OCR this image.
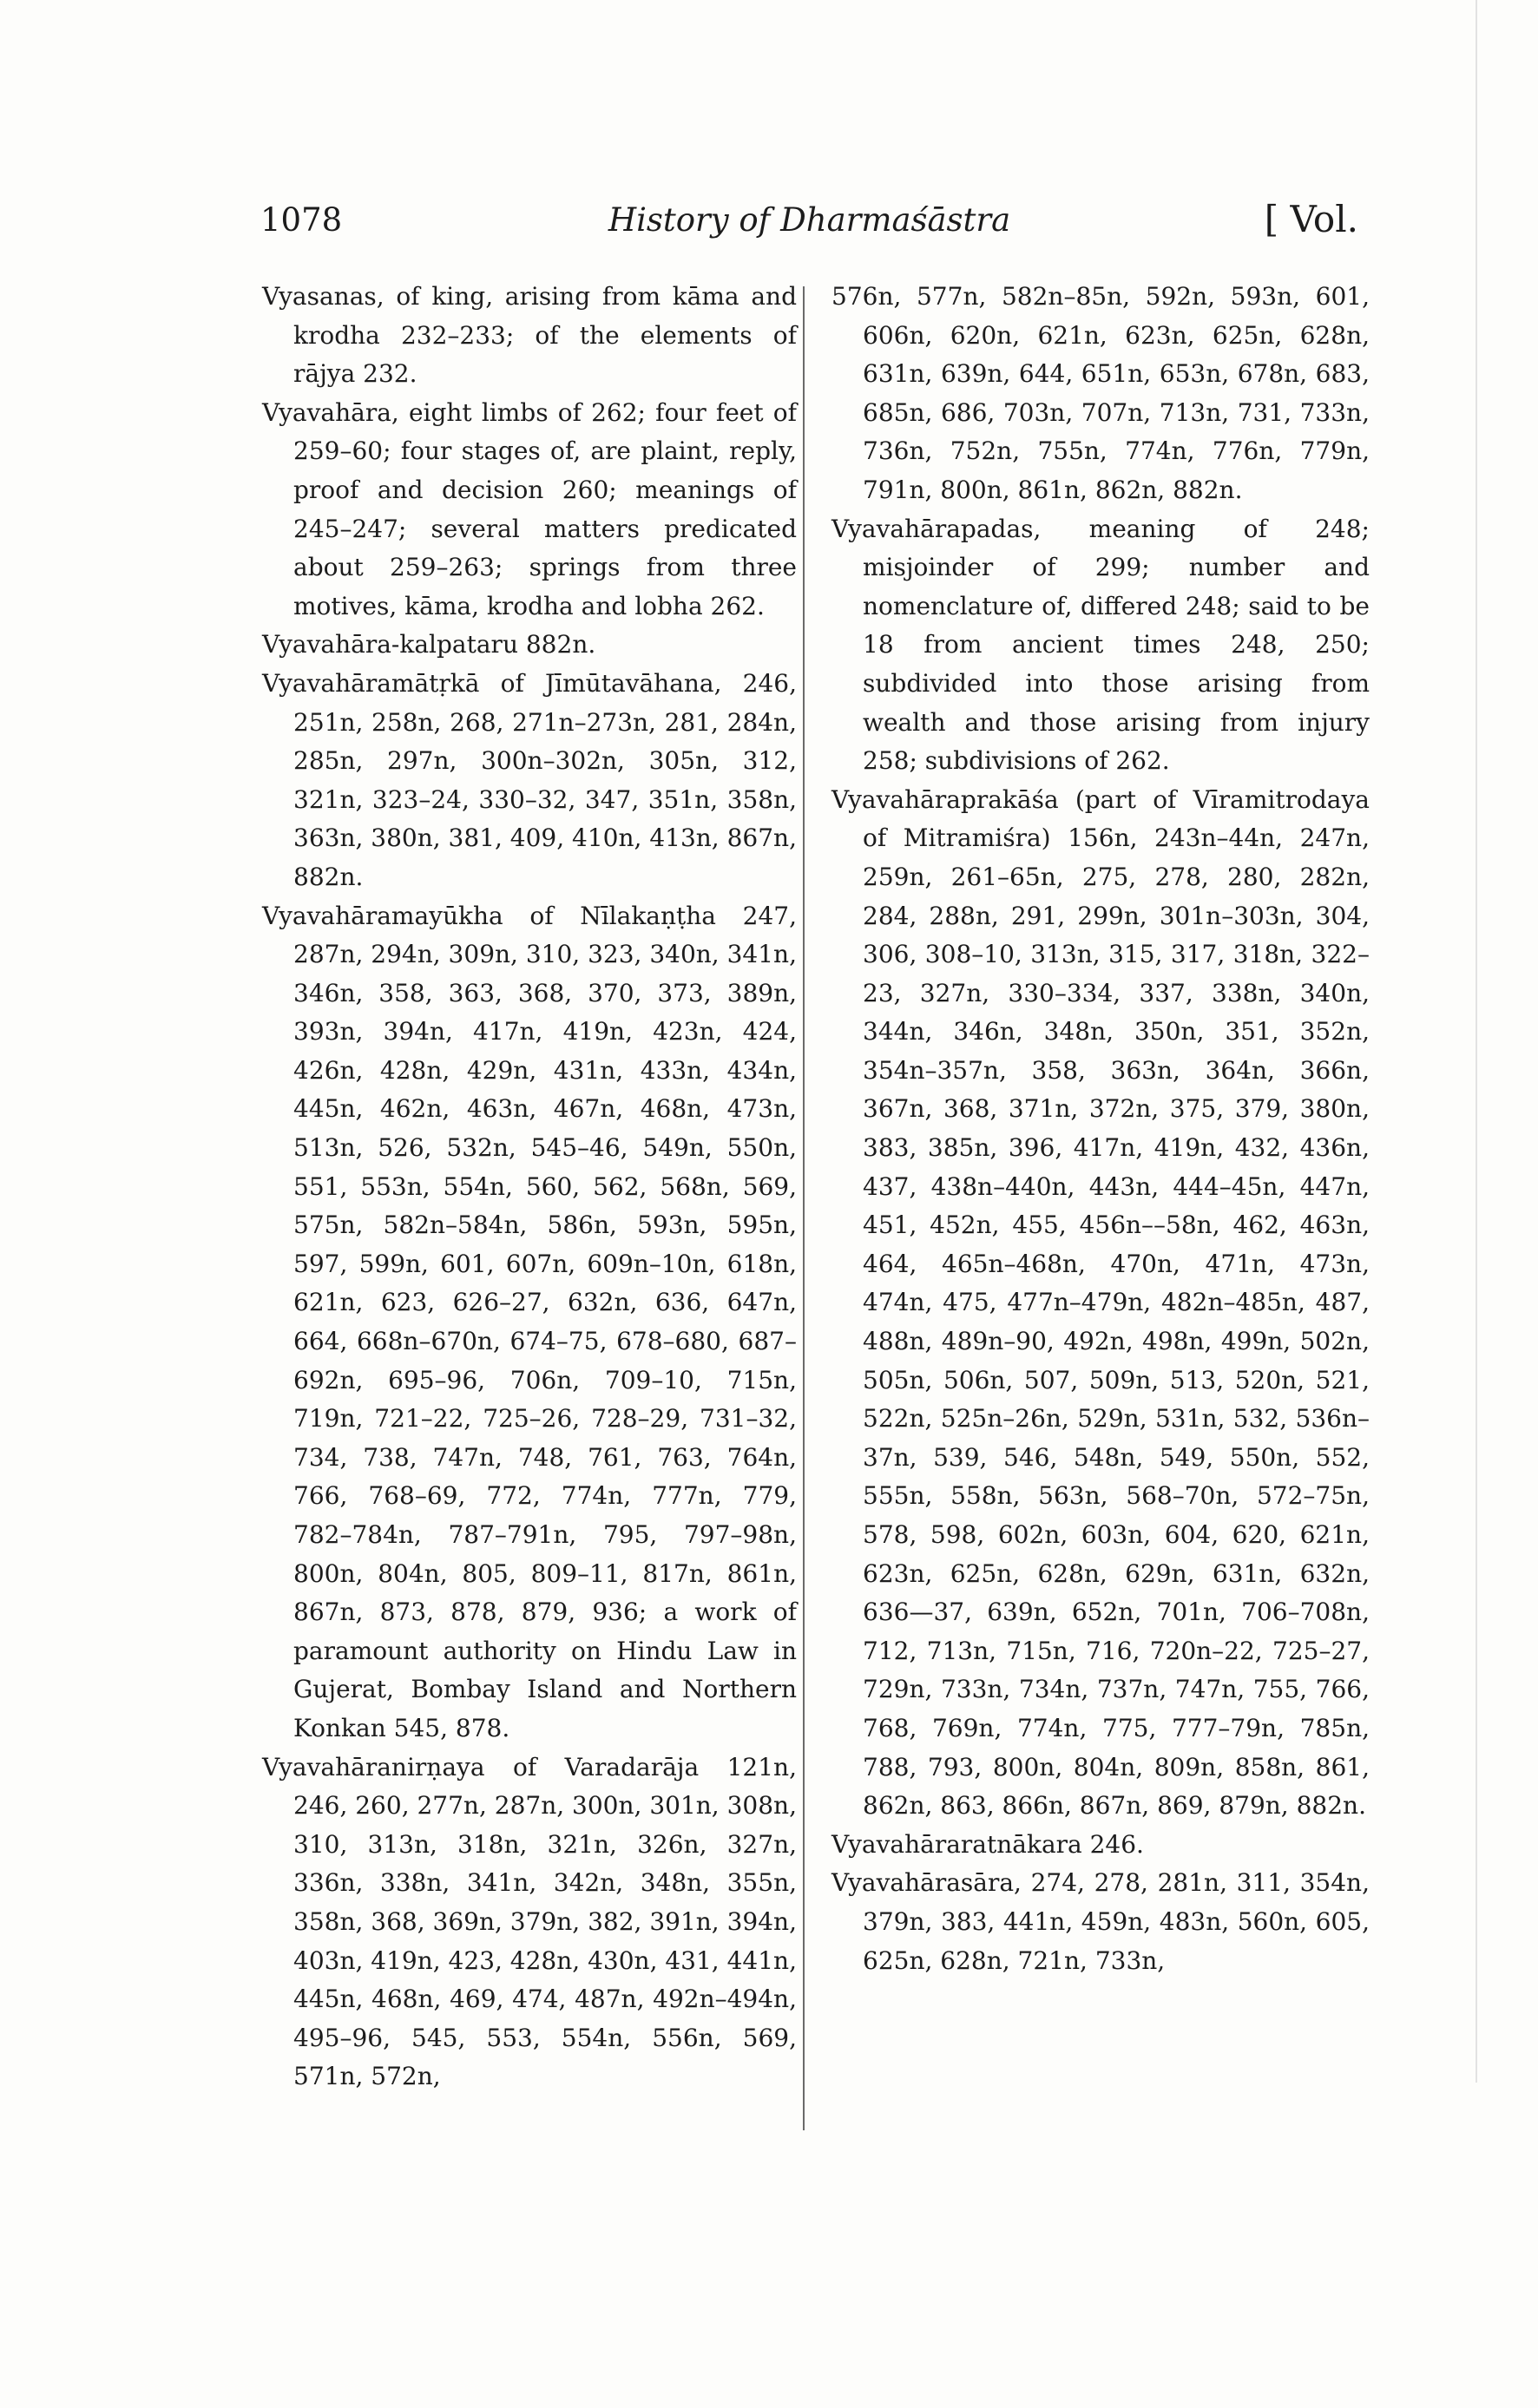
1078	History of Dharmaśāstra	[ Vol.

Vyasanas, of king, arising from kāma and krodha 232–233; of the elements of rājya 232.

Vyavahāra, eight limbs of 262; four feet of 259–60; four stages of, are plaint, reply, proof and decision 260; meanings of 245–247; several matters predicated about 259–263; springs from three motives, kāma, krodha and lobha 262.

Vyavahāra-kalpataru 882n.

Vyavahāramātṛkā of Jīmūtavāhana, 246, 251n, 258n, 268, 271n–273n, 281, 284n, 285n, 297n, 300n–302n, 305n, 312, 321n, 323–24, 330–32, 347, 351n, 358n, 363n, 380n, 381, 409, 410n, 413n, 867n, 882n.

Vyavahāramayūkha of Nīlakaṇṭha 247, 287n, 294n, 309n, 310, 323, 340n, 341n, 346n, 358, 363, 368, 370, 373, 389n, 393n, 394n, 417n, 419n, 423n, 424, 426n, 428n, 429n, 431n, 433n, 434n, 445n, 462n, 463n, 467n, 468n, 473n, 513n, 526, 532n, 545–46, 549n, 550n, 551, 553n, 554n, 560, 562, 568n, 569, 575n, 582n–584n, 586n, 593n, 595n, 597, 599n, 601, 607n, 609n–10n, 618n, 621n, 623, 626–27, 632n, 636, 647n, 664, 668n–670n, 674–75, 678–680, 687–692n, 695–96, 706n, 709–10, 715n, 719n, 721–22, 725–26, 728–29, 731–32, 734, 738, 747n, 748, 761, 763, 764n, 766, 768–69, 772, 774n, 777n, 779, 782–784n, 787–791n, 795, 797–98n, 800n, 804n, 805, 809–11, 817n, 861n, 867n, 873, 878, 879, 936; a work of paramount authority on Hindu Law in Gujerat, Bombay Island and Northern Konkan 545, 878.

Vyavahāranirṇaya of Varadarāja 121n, 246, 260, 277n, 287n, 300n, 301n, 308n, 310, 313n, 318n, 321n, 326n, 327n, 336n, 338n, 341n, 342n, 348n, 355n, 358n, 368, 369n, 379n, 382, 391n, 394n, 403n, 419n, 423, 428n, 430n, 431, 441n, 445n, 468n, 469, 474, 487n, 492n–494n, 495–96, 545, 553, 554n, 556n, 569, 571n, 572n,

576n, 577n, 582n–85n, 592n, 593n, 601, 606n, 620n, 621n, 623n, 625n, 628n, 631n, 639n, 644, 651n, 653n, 678n, 683, 685n, 686, 703n, 707n, 713n, 731, 733n, 736n, 752n, 755n, 774n, 776n, 779n, 791n, 800n, 861n, 862n, 882n.

Vyavahārapadas, meaning of 248; misjoinder of 299; number and nomenclature of, differed 248; said to be 18 from ancient times 248, 250; subdivided into those arising from wealth and those arising from injury 258; subdivisions of 262.

Vyavahāraprakāśa (part of Vīramitrodaya of Mitramiśra) 156n, 243n–44n, 247n, 259n, 261–65n, 275, 278, 280, 282n, 284, 288n, 291, 299n, 301n–303n, 304, 306, 308–10, 313n, 315, 317, 318n, 322–23, 327n, 330–334, 337, 338n, 340n, 344n, 346n, 348n, 350n, 351, 352n, 354n–357n, 358, 363n, 364n, 366n, 367n, 368, 371n, 372n, 375, 379, 380n, 383, 385n, 396, 417n, 419n, 432, 436n, 437, 438n–440n, 443n, 444–45n, 447n, 451, 452n, 455, 456n––58n, 462, 463n, 464, 465n–468n, 470n, 471n, 473n, 474n, 475, 477n–479n, 482n–485n, 487, 488n, 489n–90, 492n, 498n, 499n, 502n, 505n, 506n, 507, 509n, 513, 520n, 521, 522n, 525n–26n, 529n, 531n, 532, 536n–37n, 539, 546, 548n, 549, 550n, 552, 555n, 558n, 563n, 568–70n, 572–75n, 578, 598, 602n, 603n, 604, 620, 621n, 623n, 625n, 628n, 629n, 631n, 632n, 636—37, 639n, 652n, 701n, 706–708n, 712, 713n, 715n, 716, 720n–22, 725–27, 729n, 733n, 734n, 737n, 747n, 755, 766, 768, 769n, 774n, 775, 777–79n, 785n, 788, 793, 800n, 804n, 809n, 858n, 861, 862n, 863, 866n, 867n, 869, 879n, 882n.

Vyavahāraratnākara 246.

Vyavahārasāra, 274, 278, 281n, 311, 354n, 379n, 383, 441n, 459n, 483n, 560n, 605, 625n, 628n, 721n, 733n,
